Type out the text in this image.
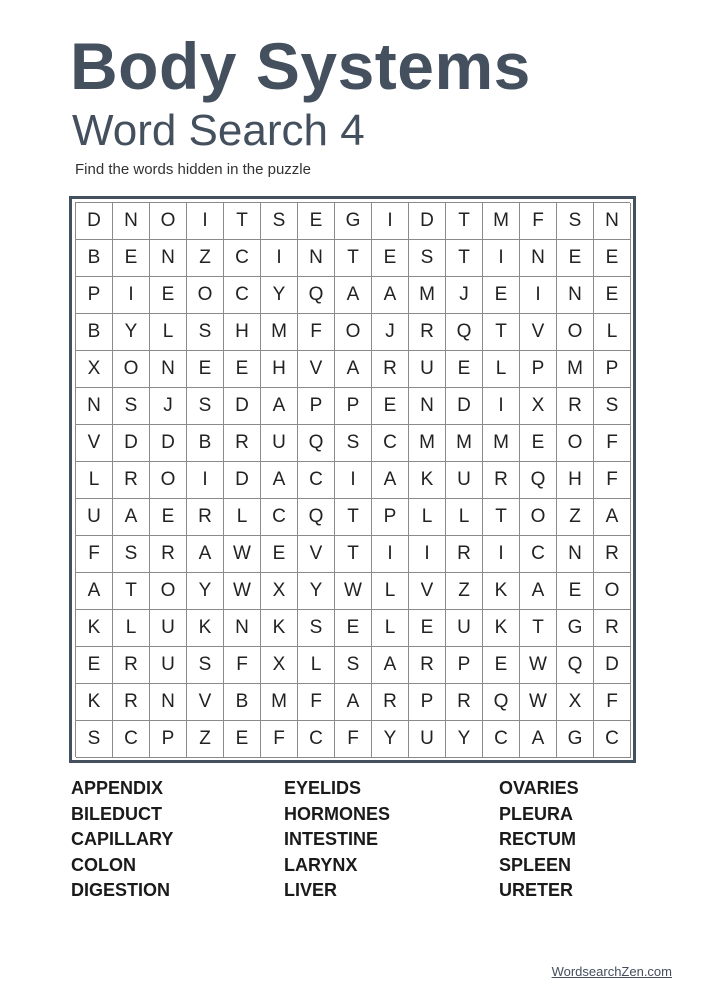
Body Systems
Word Search 4

Find the words hidden in the puzzle

D	N	O	I	T	S	E	G	I	D	T	M	F	S	N
B	E	N	Z	C	I	N	T	E	S	T	I	N	E	E
P	I	E	O	C	Y	Q	A	A	M	J	E	I	N	E
B	Y	L	S	H	M	F	O	J	R	Q	T	V	O	L
X	O	N	E	E	H	V	A	R	U	E	L	P	M	P
N	S	J	S	D	A	P	P	E	N	D	I	X	R	S
V	D	D	B	R	U	Q	S	C	M	M	M	E	O	F
L	R	O	I	D	A	C	I	A	K	U	R	Q	H	F
U	A	E	R	L	C	Q	T	P	L	L	T	O	Z	A
F	S	R	A	W	E	V	T	I	I	R	I	C	N	R
A	T	O	Y	W	X	Y	W	L	V	Z	K	A	E	O
K	L	U	K	N	K	S	E	L	E	U	K	T	G	R
E	R	U	S	F	X	L	S	A	R	P	E	W	Q	D
K	R	N	V	B	M	F	A	R	P	R	Q	W	X	F
S	C	P	Z	E	F	C	F	Y	U	Y	C	A	G	C
APPENDIX
BILEDUCT
CAPILLARY
COLON
DIGESTION
EYELIDS
HORMONES
INTESTINE
LARYNX
LIVER
OVARIES
PLEURA
RECTUM
SPLEEN
URETER
WordsearchZen.com
